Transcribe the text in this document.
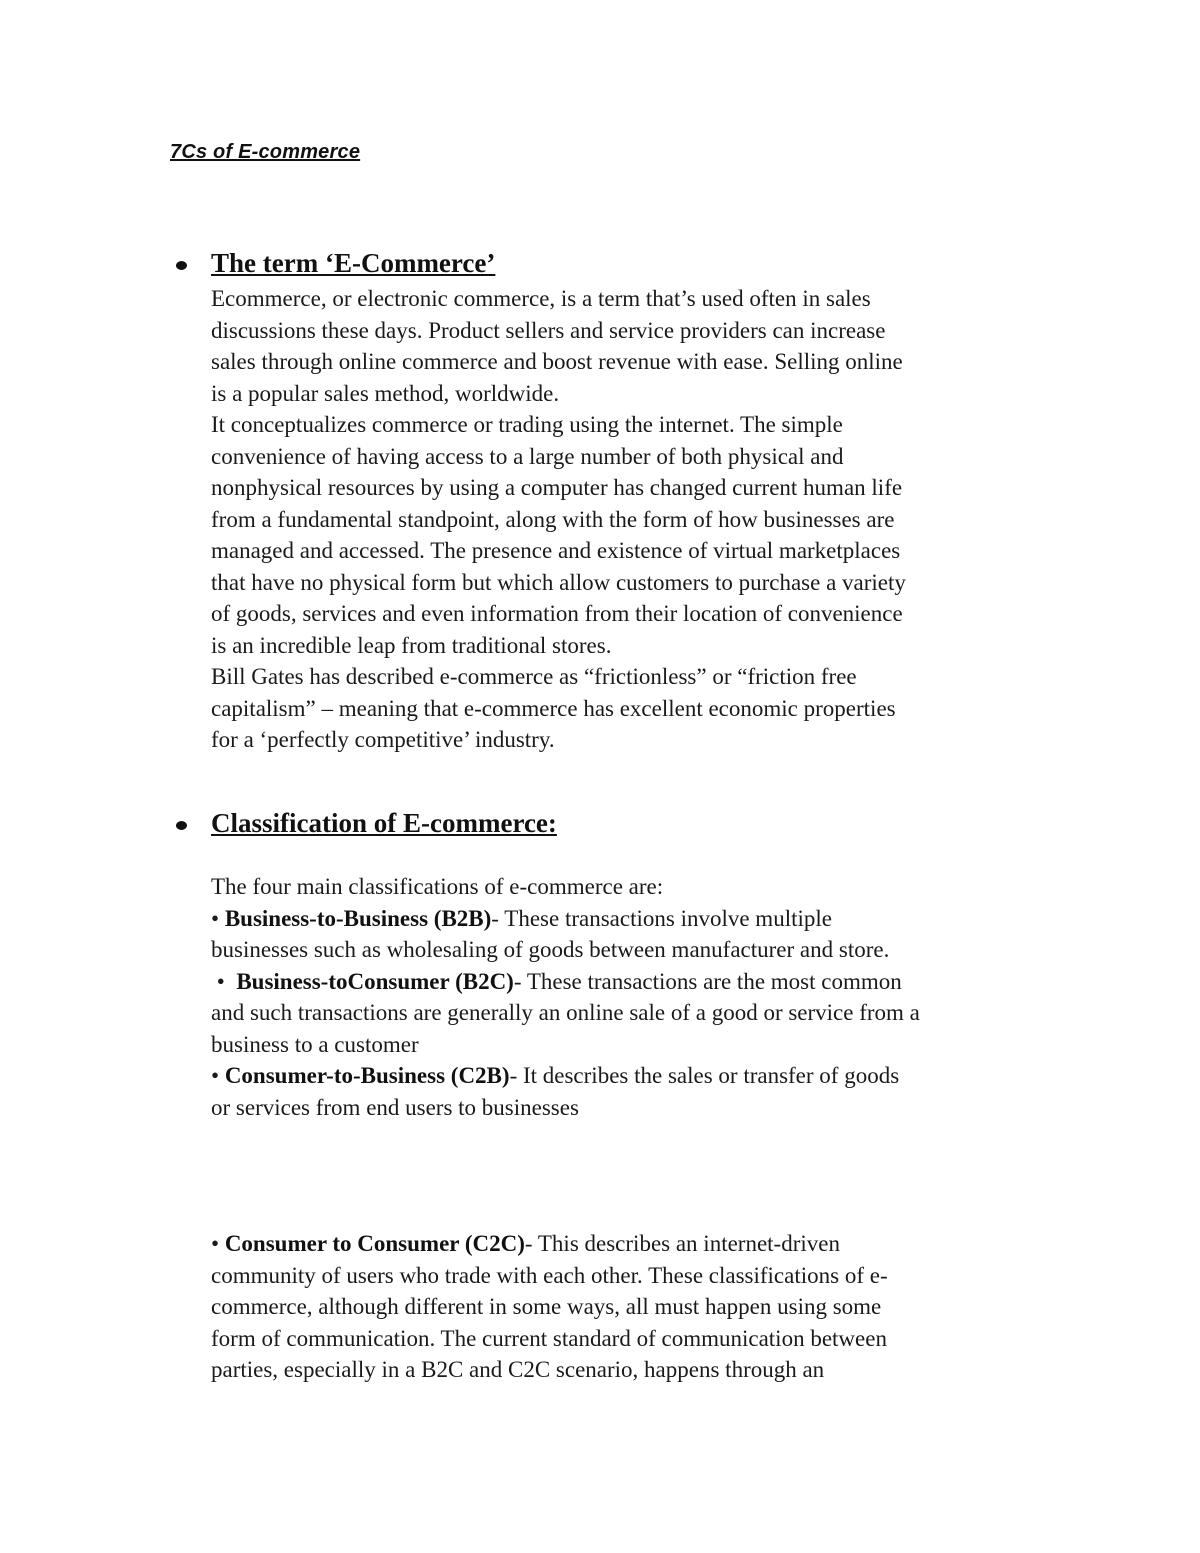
7Cs of E-commerce
The term ‘E-Commerce’
Ecommerce, or electronic commerce, is a term that’s used often in sales
discussions these days. Product sellers and service providers can increase
sales through online commerce and boost revenue with ease. Selling online
is a popular sales method, worldwide.
It conceptualizes commerce or trading using the internet. The simple
convenience of having access to a large number of both physical and
nonphysical resources by using a computer has changed current human life
from a fundamental standpoint, along with the form of how businesses are
managed and accessed. The presence and existence of virtual marketplaces
that have no physical form but which allow customers to purchase a variety
of goods, services and even information from their location of convenience
is an incredible leap from traditional stores.
Bill Gates has described e-commerce as “frictionless” or “friction free
capitalism” – meaning that e-commerce has excellent economic properties
for a ‘perfectly competitive’ industry.
Classification of E-commerce:
The four main classifications of e-commerce are:
• Business-to-Business (B2B)- These transactions involve multiple
businesses such as wholesaling of goods between manufacturer and store.
•  Business-toConsumer (B2C)- These transactions are the most common
and such transactions are generally an online sale of a good or service from a
business to a customer
• Consumer-to-Business (C2B)- It describes the sales or transfer of goods
or services from end users to businesses
• Consumer to Consumer (C2C)- This describes an internet-driven
community of users who trade with each other. These classifications of e-
commerce, although different in some ways, all must happen using some
form of communication. The current standard of communication between
parties, especially in a B2C and C2C scenario, happens through an
